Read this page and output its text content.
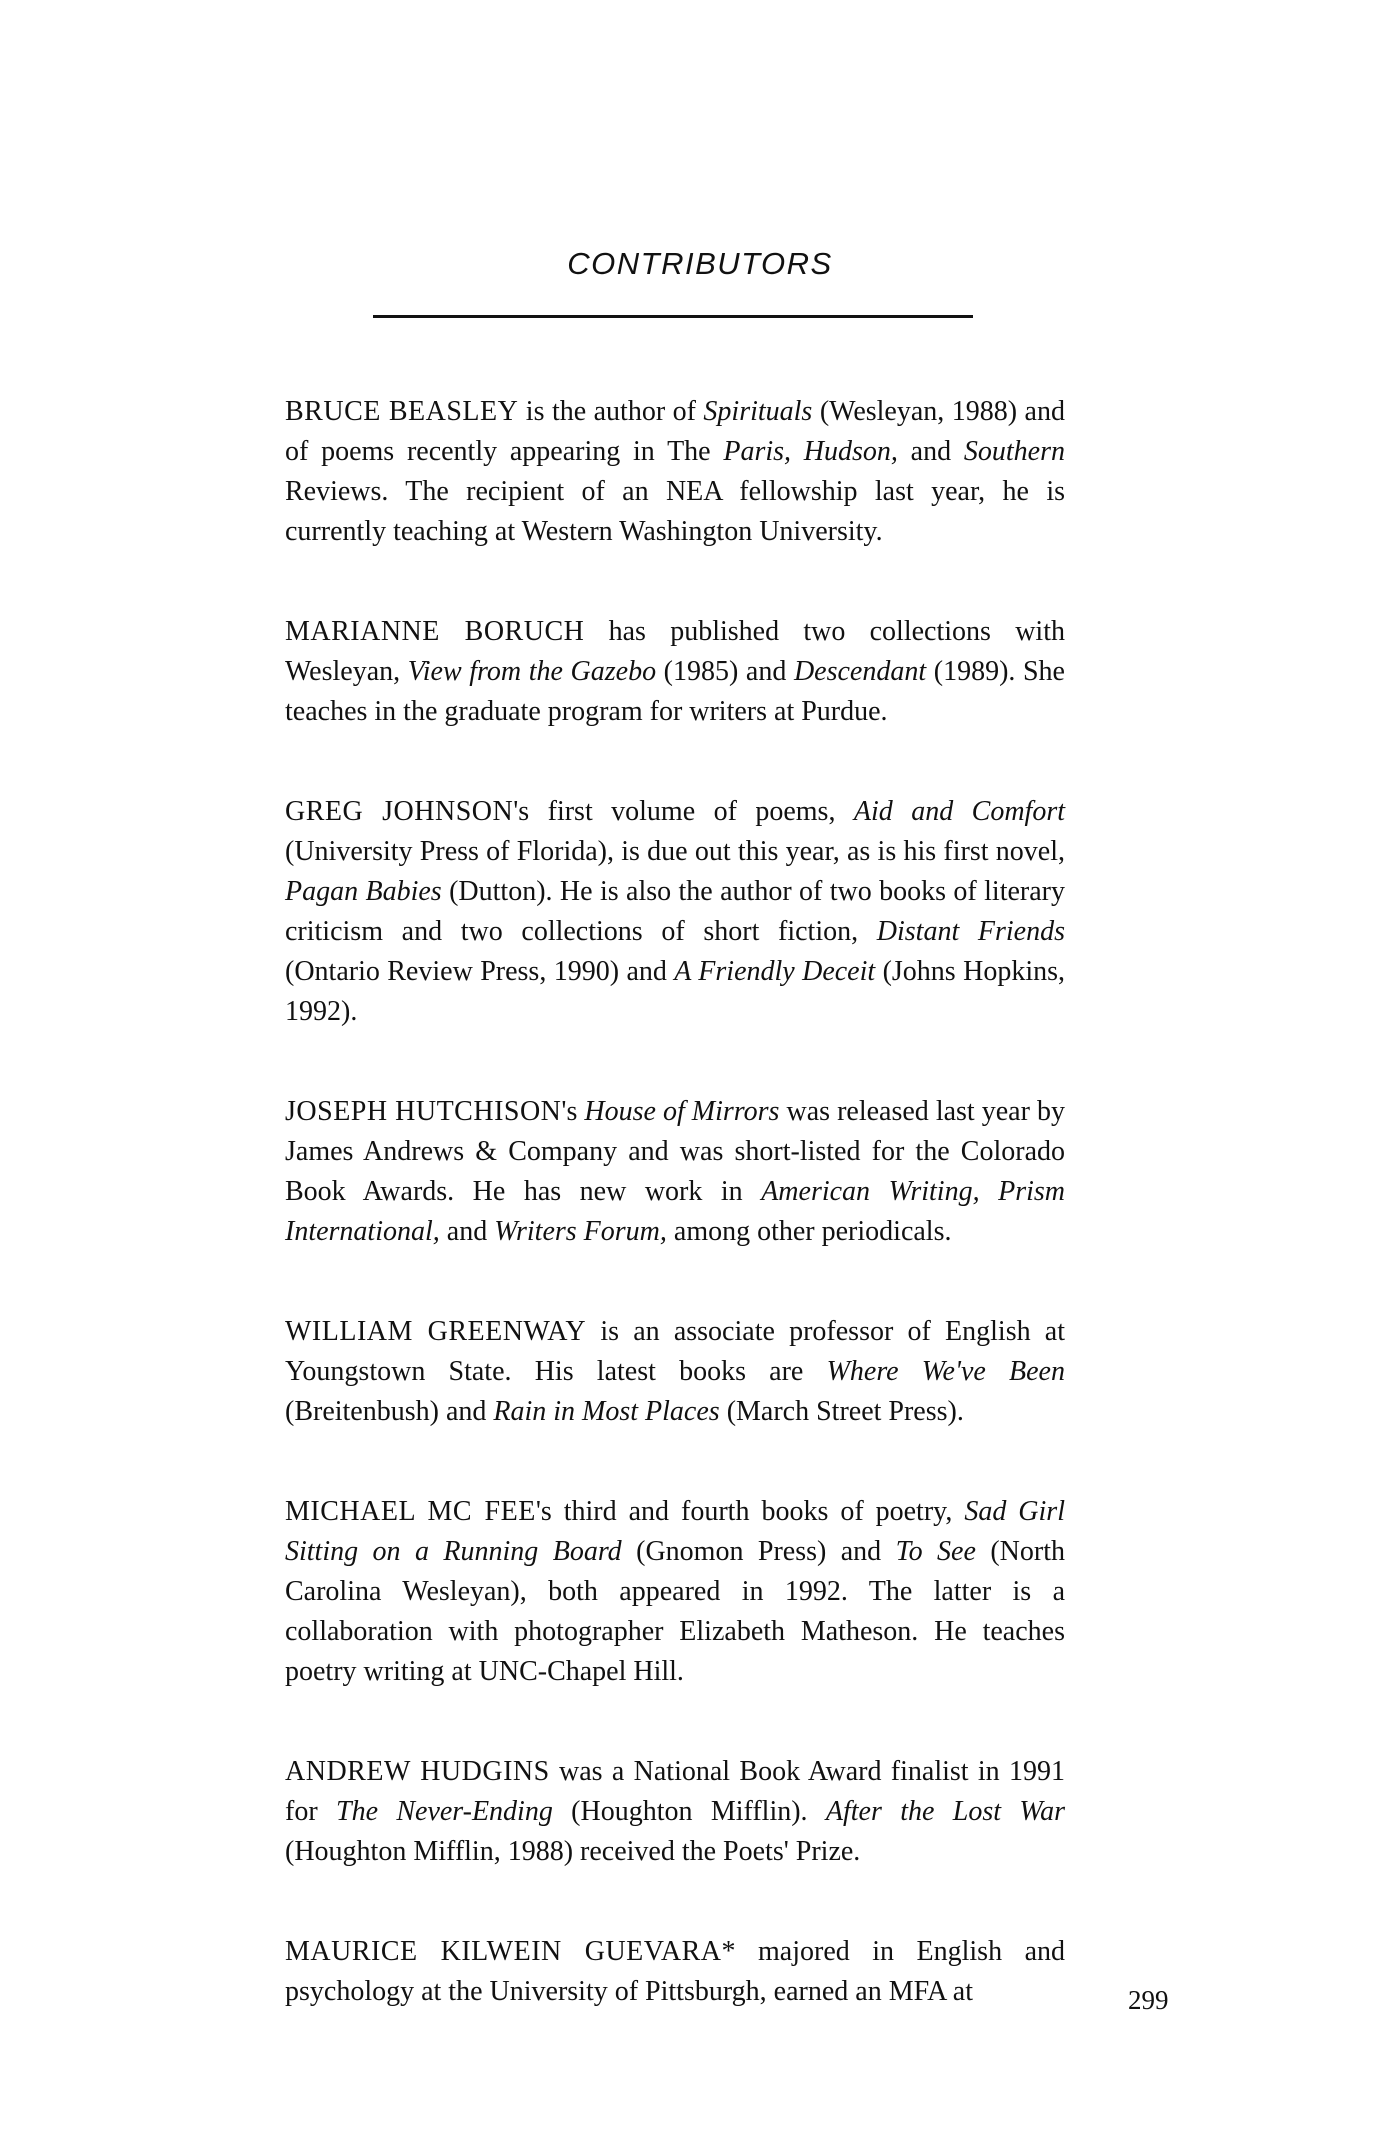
CONTRIBUTORS

BRUCE BEASLEY is the author of Spirituals (Wesleyan, 1988) and of poems recently appearing in The Paris, Hudson, and Southern Reviews. The recipient of an NEA fellowship last year, he is currently teaching at Western Washington University.

MARIANNE BORUCH has published two collections with Wesleyan, View from the Gazebo (1985) and Descendant (1989). She teaches in the graduate program for writers at Purdue.

GREG JOHNSON's first volume of poems, Aid and Comfort (University Press of Florida), is due out this year, as is his first novel, Pagan Babies (Dutton). He is also the author of two books of literary criticism and two collections of short fiction, Distant Friends (Ontario Review Press, 1990) and A Friendly Deceit (Johns Hopkins, 1992).

JOSEPH HUTCHISON's House of Mirrors was released last year by James Andrews & Company and was short-listed for the Colorado Book Awards. He has new work in American Writing, Prism International, and Writers Forum, among other periodicals.

WILLIAM GREENWAY is an associate professor of English at Youngstown State. His latest books are Where We've Been (Breitenbush) and Rain in Most Places (March Street Press).

MICHAEL MC FEE's third and fourth books of poetry, Sad Girl Sitting on a Running Board (Gnomon Press) and To See (North Carolina Wesleyan), both appeared in 1992. The latter is a collaboration with photographer Elizabeth Matheson. He teaches poetry writing at UNC-Chapel Hill.

ANDREW HUDGINS was a National Book Award finalist in 1991 for The Never-Ending (Houghton Mifflin). After the Lost War (Houghton Mifflin, 1988) received the Poets' Prize.

MAURICE KILWEIN GUEVARA* majored in English and psychology at the University of Pittsburgh, earned an MFA at	299
